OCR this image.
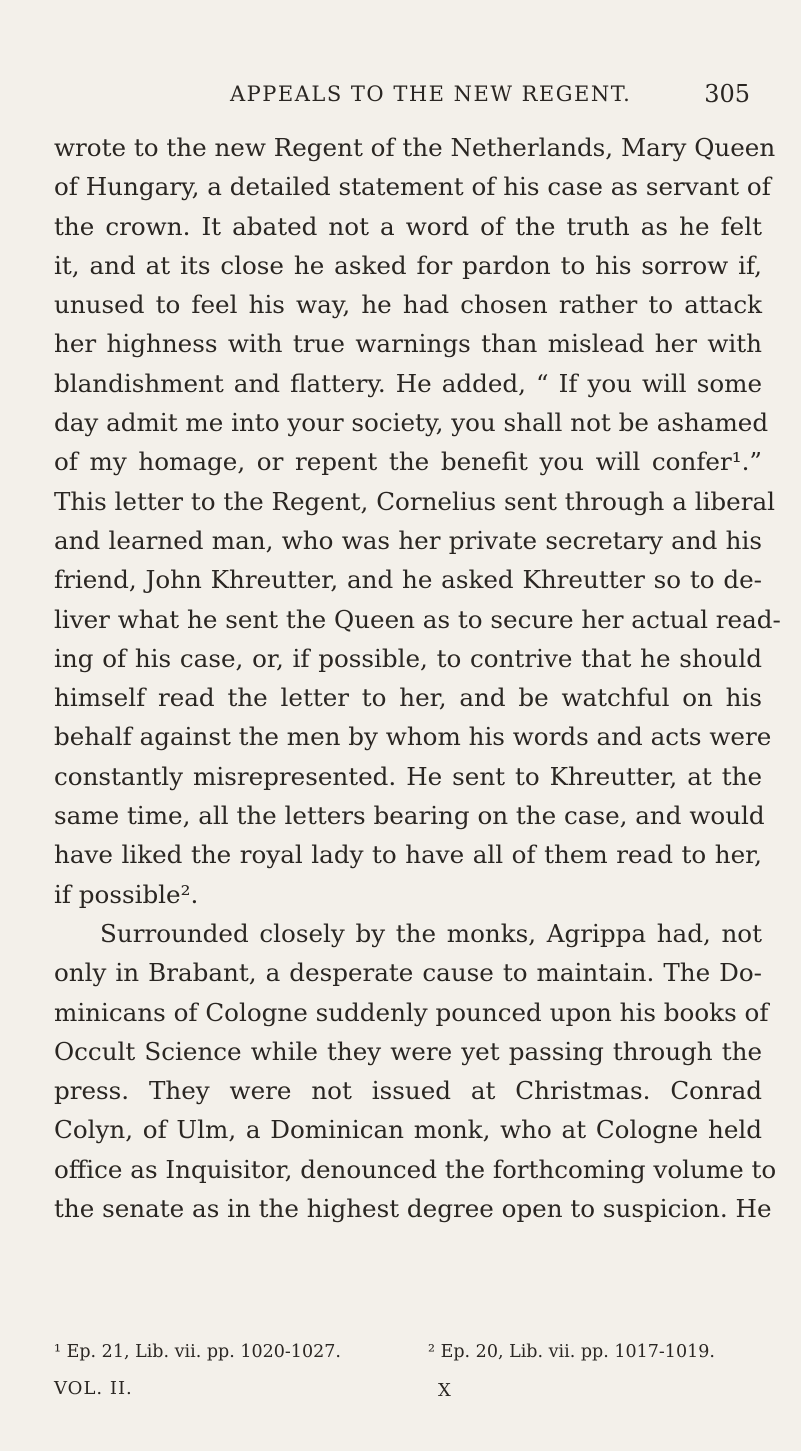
APPEALS TO THE NEW REGENT.	305
wrote to the new Regent of the Netherlands, Mary Queen
of Hungary, a detailed statement of his case as servant of
the crown. It abated not a word of the truth as he felt
it, and at its close he asked for pardon to his sorrow if,
unused to feel his way, he had chosen rather to attack
her highness with true warnings than mislead her with
blandishment and flattery. He added, “ If you will some
day admit me into your society, you shall not be ashamed
of my homage, or repent the benefit you will confer¹.”
This letter to the Regent, Cornelius sent through a liberal
and learned man, who was her private secretary and his
friend, John Khreutter, and he asked Khreutter so to de-
liver what he sent the Queen as to secure her actual read-
ing of his case, or, if possible, to contrive that he should
himself read the letter to her, and be watchful on his
behalf against the men by whom his words and acts were
constantly misrepresented. He sent to Khreutter, at the
same time, all the letters bearing on the case, and would
have liked the royal lady to have all of them read to her,
if possible².
Surrounded closely by the monks, Agrippa had, not
only in Brabant, a desperate cause to maintain. The Do-
minicans of Cologne suddenly pounced upon his books of
Occult Science while they were yet passing through the
press. They were not issued at Christmas. Conrad
Colyn, of Ulm, a Dominican monk, who at Cologne held
office as Inquisitor, denounced the forthcoming volume to
the senate as in the highest degree open to suspicion. He
¹ Ep. 21, Lib. vii. pp. 1020-1027.	² Ep. 20, Lib. vii. pp. 1017-1019.
VOL. II.	X
